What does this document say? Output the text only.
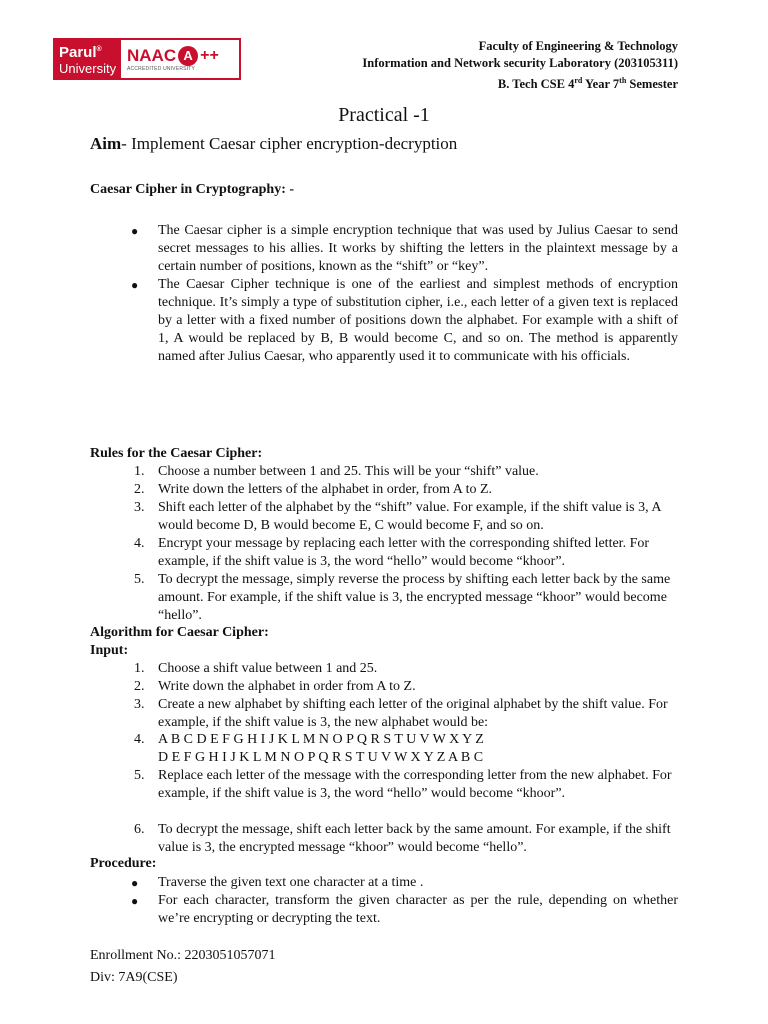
Parul®
University
NAAC A ++
ACCREDITED UNIVERSITY
Faculty of Engineering & Technology
Information and Network security Laboratory (203105311)
B. Tech CSE 4rd Year 7th Semester
Practical -1
Aim- Implement Caesar cipher encryption-decryption
Caesar Cipher in Cryptography: -
● The Caesar cipher is a simple encryption technique that was used by Julius Caesar to send secret messages to his allies. It works by shifting the letters in the plaintext message by a certain number of positions, known as the “shift” or “key”.
● The Caesar Cipher technique is one of the earliest and simplest methods of encryption technique. It’s simply a type of substitution cipher, i.e., each letter of a given text is replaced by a letter with a fixed number of positions down the alphabet. For example with a shift of 1, A would be replaced by B, B would become C, and so on. The method is apparently named after Julius Caesar, who apparently used it to communicate with his officials.
Rules for the Caesar Cipher:
1. Choose a number between 1 and 25. This will be your “shift” value.
2. Write down the letters of the alphabet in order, from A to Z.
3. Shift each letter of the alphabet by the “shift” value. For example, if the shift value is 3, A would become D, B would become E, C would become F, and so on.
4. Encrypt your message by replacing each letter with the corresponding shifted letter. For example, if the shift value is 3, the word “hello” would become “khoor”.
5. To decrypt the message, simply reverse the process by shifting each letter back by the same amount. For example, if the shift value is 3, the encrypted message “khoor” would become “hello”.
Algorithm for Caesar Cipher:
Input:
1. Choose a shift value between 1 and 25.
2. Write down the alphabet in order from A to Z.
3. Create a new alphabet by shifting each letter of the original alphabet by the shift value. For example, if the shift value is 3, the new alphabet would be:
4. A B C D E F G H I J K L M N O P Q R S T U V W X Y Z
D E F G H I J K L M N O P Q R S T U V W X Y Z A B C
5. Replace each letter of the message with the corresponding letter from the new alphabet. For example, if the shift value is 3, the word “hello” would become “khoor”.
6. To decrypt the message, shift each letter back by the same amount. For example, if the shift value is 3, the encrypted message “khoor” would become “hello”.
Procedure:
● Traverse the given text one character at a time .
● For each character, transform the given character as per the rule, depending on whether we’re encrypting or decrypting the text.
Enrollment No.: 2203051057071
Div: 7A9(CSE)
